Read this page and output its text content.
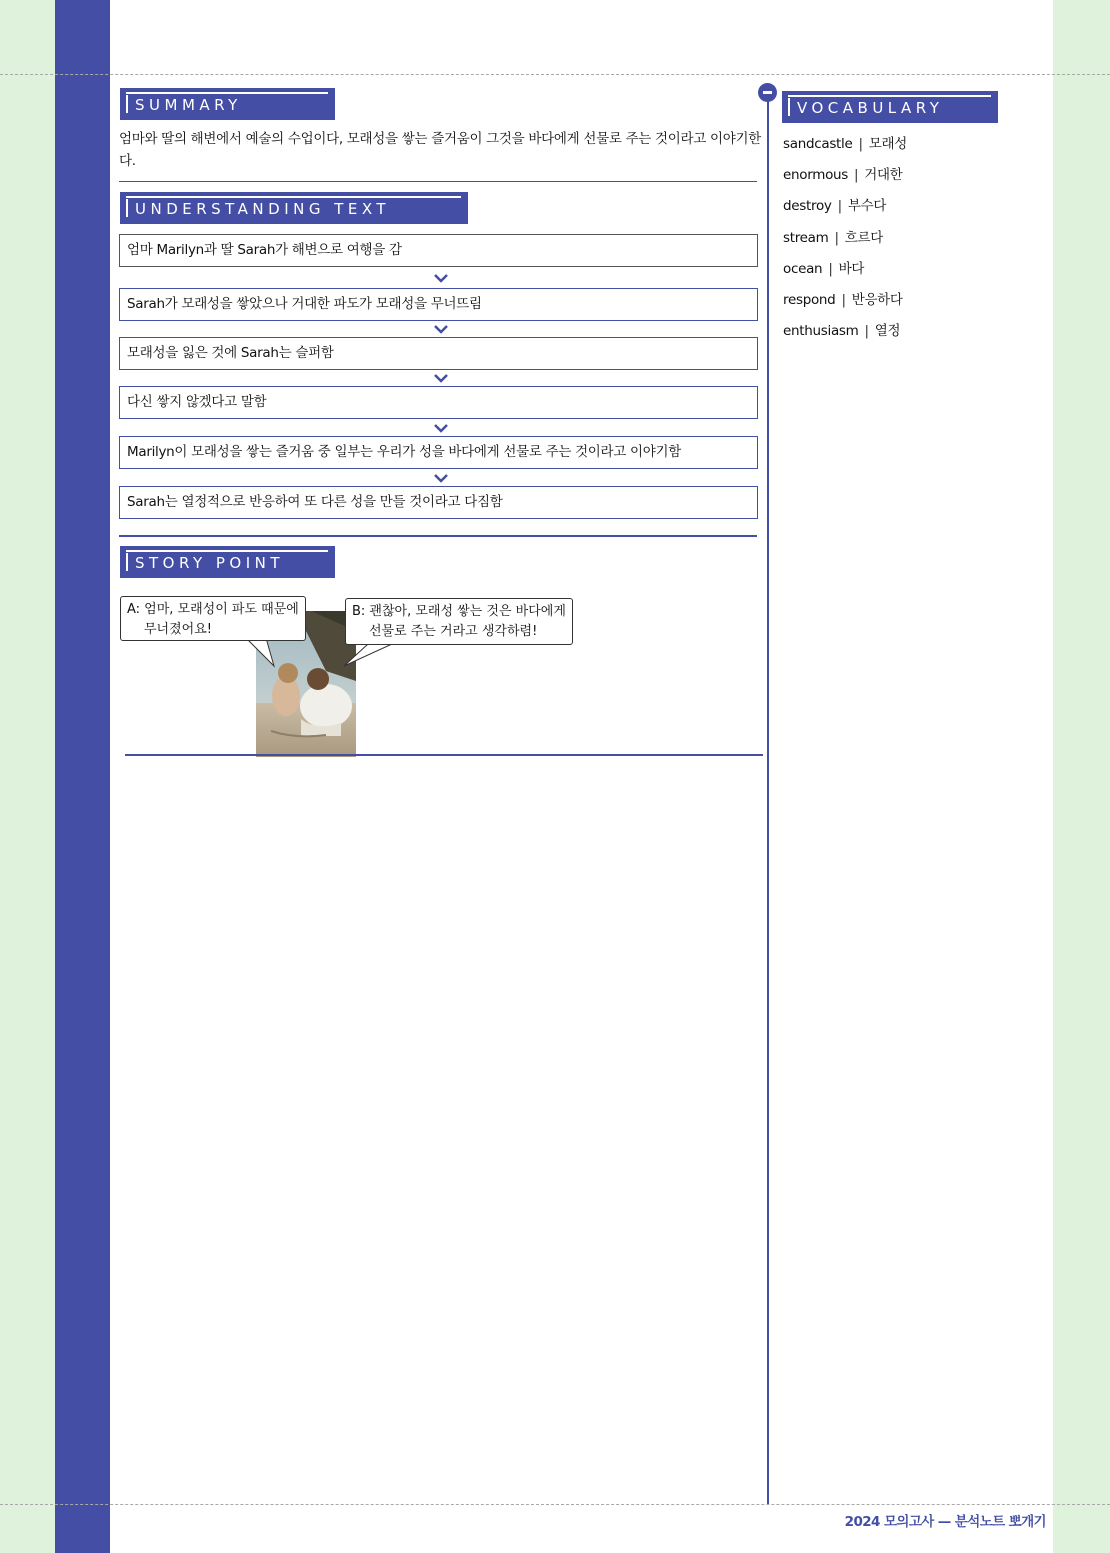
SUMMARY

엄마와 딸의 해변에서 예술의 수업이다, 모래성을 쌓는 즐거움이 그것을 바다에게 선물로 주는 것이라고 이야기한다.

UNDERSTANDING TEXT
엄마 Marilyn과 딸 Sarah가 해변으로 여행을 감
Sarah가 모래성을 쌓았으나 거대한 파도가 모래성을 무너뜨림
모래성을 잃은 것에 Sarah는 슬퍼함
다신 쌓지 않겠다고 말함
Marilyn이 모래성을 쌓는 즐거움 중 일부는 우리가 성을 바다에게 선물로 주는 것이라고 이야기함
Sarah는 열정적으로 반응하여 또 다른 성을 만들 것이라고 다짐함
STORY POINT
A: 엄마, 모래성이 파도 때문에
무너졌어요!
B: 괜찮아, 모래성 쌓는 것은 바다에게
선물로 주는 거라고 생각하렴!
VOCABULARY
sandcastle | 모래성
enormous | 거대한
destroy | 부수다
stream | 흐르다
ocean | 바다
respond | 반응하다
enthusiasm | 열정
2024 모의고사 — 분석노트 뽀개기
